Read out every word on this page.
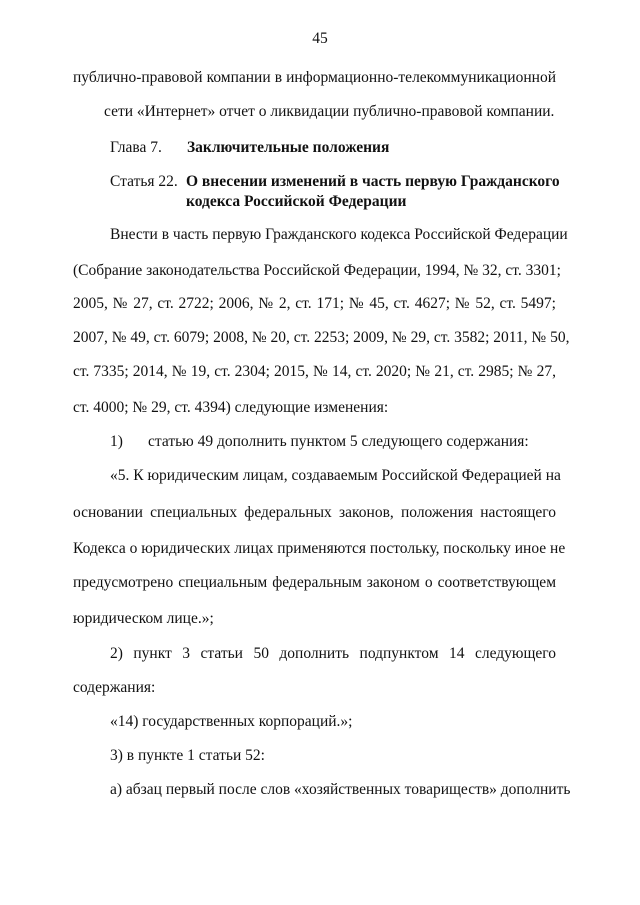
45
публично-правовой компании в информационно-телекоммуникационной
сети «Интернет» отчет о ликвидации публично-правовой компании.
Глава 7. Заключительные положения
Статья 22. О внесении изменений в часть первую Гражданского
кодекса Российской Федерации
Внести в часть первую Гражданского кодекса Российской Федерации
(Собрание законодательства Российской Федерации, 1994, № 32, ст. 3301;
2005, № 27, ст. 2722; 2006, № 2, ст. 171; № 45, ст. 4627; № 52, ст. 5497;
2007, № 49, ст. 6079; 2008, № 20, ст. 2253; 2009, № 29, ст. 3582; 2011, № 50,
ст. 7335; 2014, № 19, ст. 2304; 2015, № 14, ст. 2020; № 21, ст. 2985; № 27,
ст. 4000; № 29, ст. 4394) следующие изменения:
1) статью 49 дополнить пунктом 5 следующего содержания:
«5. К юридическим лицам, создаваемым Российской Федерацией на
основании специальных федеральных законов, положения настоящего
Кодекса о юридических лицах применяются постольку, поскольку иное не
предусмотрено специальным федеральным законом о соответствующем
юридическом лице.»;
2) пункт 3 статьи 50 дополнить подпунктом 14 следующего
содержания:
«14) государственных корпораций.»;
3) в пункте 1 статьи 52:
а) абзац первый после слов «хозяйственных товариществ» дополнить
